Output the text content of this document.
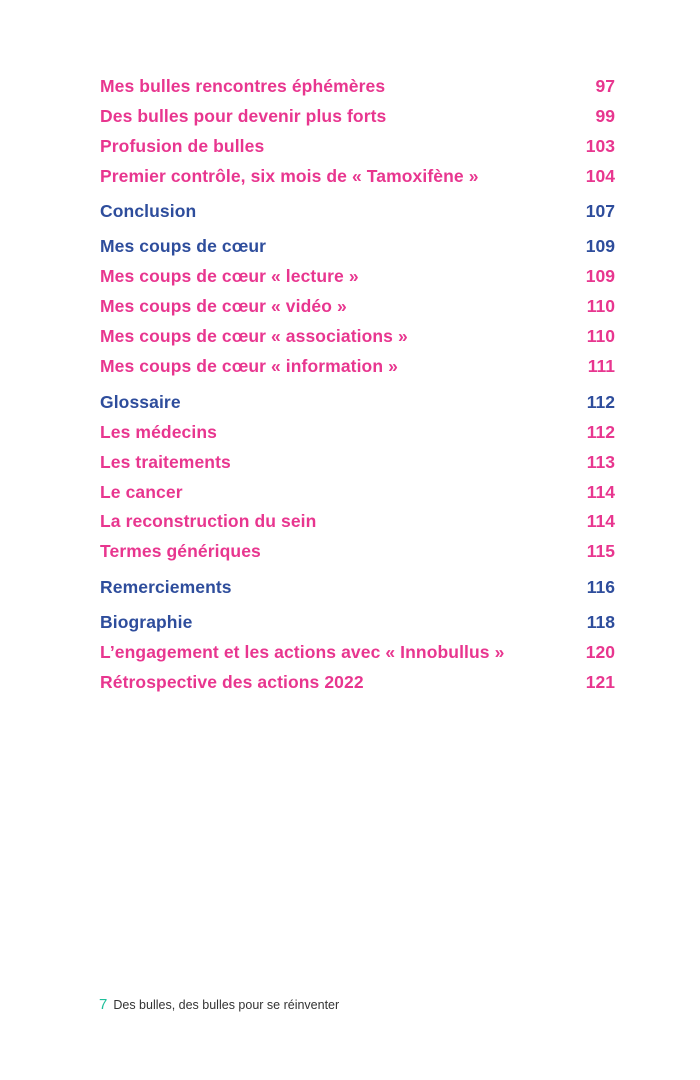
Mes bulles rencontres éphémères	97
Des bulles pour devenir plus forts	99
Profusion de bulles	103
Premier contrôle, six mois de « Tamoxifène »	104
Conclusion	107
Mes coups de cœur	109
Mes coups de cœur « lecture »	109
Mes coups de cœur « vidéo »	110
Mes coups de cœur « associations »	110
Mes coups de cœur « information »	111
Glossaire	112
Les médecins	112
Les traitements	113
Le cancer	114
La reconstruction du sein	114
Termes génériques	115
Remerciements	116
Biographie	118
L’engagement et les actions avec « Innobullus »	120
Rétrospective des actions 2022	121
7 Des bulles, des bulles pour se réinventer
